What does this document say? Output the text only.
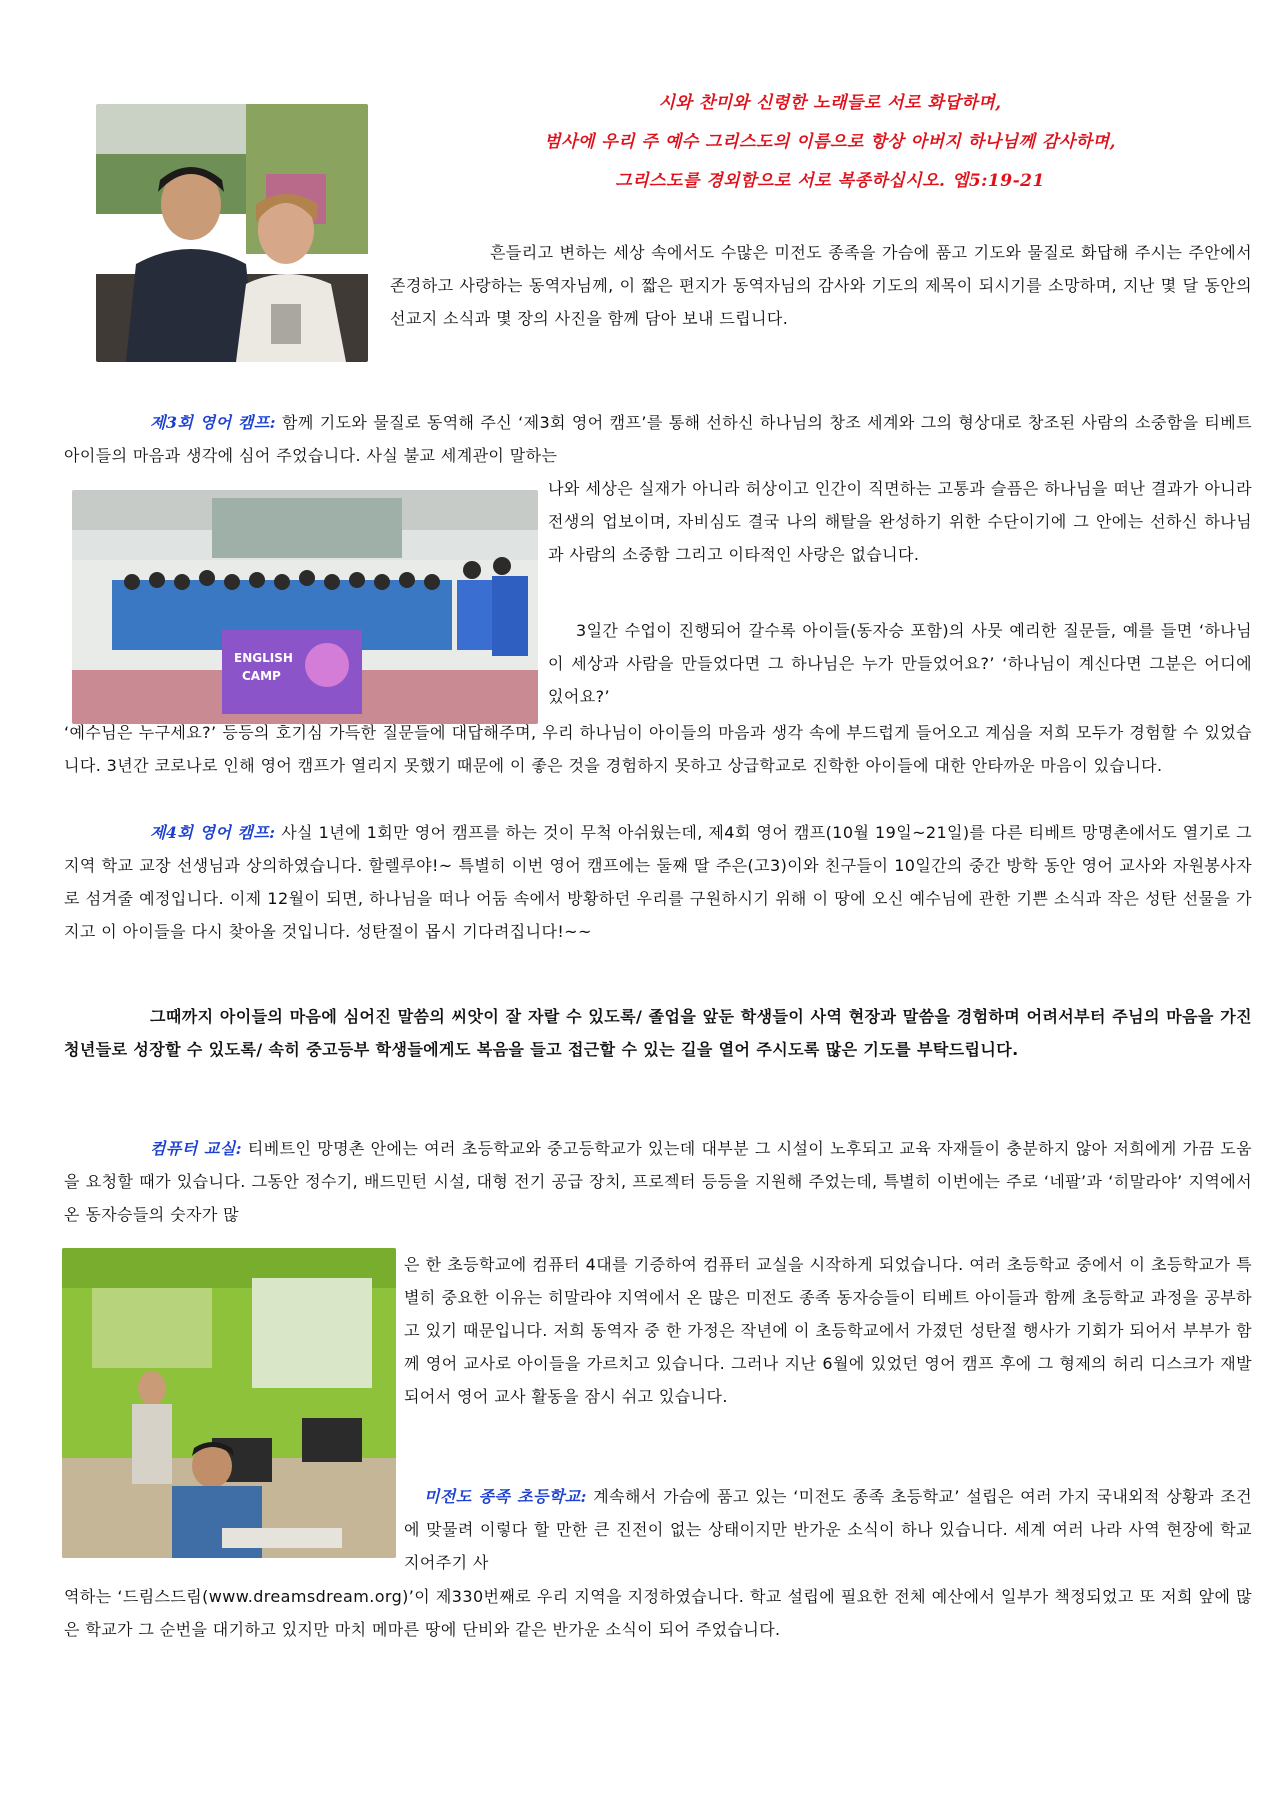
시와 찬미와 신령한 노래들로 서로 화답하며,
범사에 우리 주 예수 그리스도의 이름으로 항상 아버지 하나님께 감사하며,
그리스도를 경외함으로 서로 복종하십시오. 엡5:19-21
흔들리고 변하는 세상 속에서도 수많은 미전도 종족을 가슴에 품고 기도와 물질로 화답해 주시는 주안에서 존경하고 사랑하는 동역자님께, 이 짧은 편지가 동역자님의 감사와 기도의 제목이 되시기를 소망하며, 지난 몇 달 동안의 선교지 소식과 몇 장의 사진을 함께 담아 보내 드립니다.
제3회 영어 캠프: 함께 기도와 물질로 동역해 주신 ‘제3회 영어 캠프’를 통해 선하신 하나님의 창조 세계와 그의 형상대로 창조된 사람의 소중함을 티베트 아이들의 마음과 생각에 심어 주었습니다. 사실 불교 세계관이 말하는
ENGLISH
CAMP
나와 세상은 실재가 아니라 허상이고 인간이 직면하는 고통과 슬픔은 하나님을 떠난 결과가 아니라 전생의 업보이며, 자비심도 결국 나의 해탈을 완성하기 위한 수단이기에 그 안에는 선하신 하나님과 사람의 소중함 그리고 이타적인 사랑은 없습니다.
3일간 수업이 진행되어 갈수록 아이들(동자승 포함)의 사뭇 예리한 질문들, 예를 들면 ‘하나님이 세상과 사람을 만들었다면 그 하나님은 누가 만들었어요?’ ‘하나님이 계신다면 그분은 어디에 있어요?’
‘예수님은 누구세요?’ 등등의 호기심 가득한 질문들에 대답해주며, 우리 하나님이 아이들의 마음과 생각 속에 부드럽게 들어오고 계심을 저희 모두가 경험할 수 있었습니다. 3년간 코로나로 인해 영어 캠프가 열리지 못했기 때문에 이 좋은 것을 경험하지 못하고 상급학교로 진학한 아이들에 대한 안타까운 마음이 있습니다.
제4회 영어 캠프: 사실 1년에 1회만 영어 캠프를 하는 것이 무척 아쉬웠는데, 제4회 영어 캠프(10월 19일~21일)를 다른 티베트 망명촌에서도 열기로 그 지역 학교 교장 선생님과 상의하였습니다. 할렐루야!~ 특별히 이번 영어 캠프에는 둘째 딸 주은(고3)이와 친구들이 10일간의 중간 방학 동안 영어 교사와 자원봉사자로 섬겨줄 예정입니다. 이제 12월이 되면, 하나님을 떠나 어둠 속에서 방황하던 우리를 구원하시기 위해 이 땅에 오신 예수님에 관한 기쁜 소식과 작은 성탄 선물을 가지고 이 아이들을 다시 찾아올 것입니다. 성탄절이 몹시 기다려집니다!~~
그때까지 아이들의 마음에 심어진 말씀의 씨앗이 잘 자랄 수 있도록/ 졸업을 앞둔 학생들이 사역 현장과 말씀을 경험하며 어려서부터 주님의 마음을 가진 청년들로 성장할 수 있도록/ 속히 중고등부 학생들에게도 복음을 들고 접근할 수 있는 길을 열어 주시도록 많은 기도를 부탁드립니다.
컴퓨터 교실: 티베트인 망명촌 안에는 여러 초등학교와 중고등학교가 있는데 대부분 그 시설이 노후되고 교육 자재들이 충분하지 않아 저희에게 가끔 도움을 요청할 때가 있습니다. 그동안 정수기, 배드민턴 시설, 대형 전기 공급 장치, 프로젝터 등등을 지원해 주었는데, 특별히 이번에는 주로 ‘네팔’과 ‘히말라야’ 지역에서 온 동자승들의 숫자가 많
은 한 초등학교에 컴퓨터 4대를 기증하여 컴퓨터 교실을 시작하게 되었습니다. 여러 초등학교 중에서 이 초등학교가 특별히 중요한 이유는 히말라야 지역에서 온 많은 미전도 종족 동자승들이 티베트 아이들과 함께 초등학교 과정을 공부하고 있기 때문입니다. 저희 동역자 중 한 가정은 작년에 이 초등학교에서 가졌던 성탄절 행사가 기회가 되어서 부부가 함께 영어 교사로 아이들을 가르치고 있습니다. 그러나 지난 6월에 있었던 영어 캠프 후에 그 형제의 허리 디스크가 재발 되어서 영어 교사 활동을 잠시 쉬고 있습니다.
미전도 종족 초등학교: 계속해서 가슴에 품고 있는 ‘미전도 종족 초등학교’ 설립은 여러 가지 국내외적 상황과 조건에 맞물려 이렇다 할 만한 큰 진전이 없는 상태이지만 반가운 소식이 하나 있습니다. 세계 여러 나라 사역 현장에 학교 지어주기 사
역하는 ‘드림스드림(www.dreamsdream.org)’이 제330번째로 우리 지역을 지정하였습니다. 학교 설립에 필요한 전체 예산에서 일부가 책정되었고 또 저희 앞에 많은 학교가 그 순번을 대기하고 있지만 마치 메마른 땅에 단비와 같은 반가운 소식이 되어 주었습니다.
